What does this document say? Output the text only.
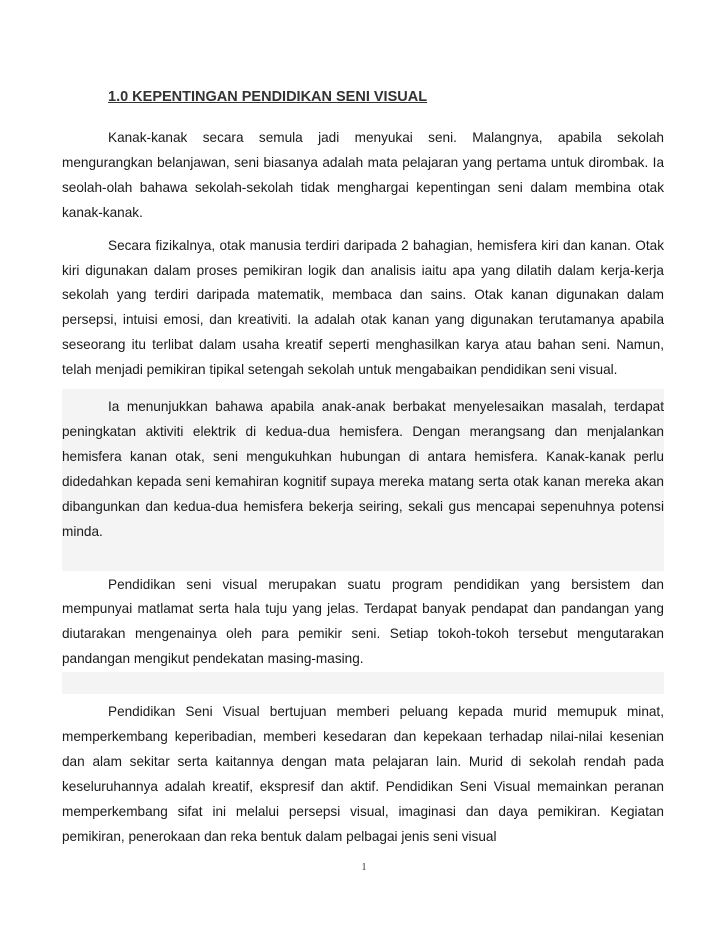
1.0 KEPENTINGAN PENDIDIKAN SENI VISUAL

Kanak-kanak secara semula jadi menyukai seni. Malangnya, apabila sekolah mengurangkan belanjawan, seni biasanya adalah mata pelajaran yang pertama untuk dirombak. Ia seolah-olah bahawa sekolah-sekolah tidak menghargai kepentingan seni dalam membina otak kanak-kanak.

Secara fizikalnya, otak manusia terdiri daripada 2 bahagian, hemisfera kiri dan kanan. Otak kiri digunakan dalam proses pemikiran logik dan analisis iaitu apa yang dilatih dalam kerja-kerja sekolah yang terdiri daripada matematik, membaca dan sains. Otak kanan digunakan dalam persepsi, intuisi emosi, dan kreativiti. Ia adalah otak kanan yang digunakan terutamanya apabila seseorang itu terlibat dalam usaha kreatif seperti menghasilkan karya atau bahan seni. Namun, telah menjadi pemikiran tipikal setengah sekolah untuk mengabaikan pendidikan seni visual.

Ia menunjukkan bahawa apabila anak-anak berbakat menyelesaikan masalah, terdapat peningkatan aktiviti elektrik di kedua-dua hemisfera. Dengan merangsang dan menjalankan hemisfera kanan otak, seni mengukuhkan hubungan di antara hemisfera. Kanak-kanak perlu didedahkan kepada seni kemahiran kognitif supaya mereka matang serta otak kanan mereka akan dibangunkan dan kedua-dua hemisfera bekerja seiring, sekali gus mencapai sepenuhnya potensi minda.

Pendidikan seni visual merupakan suatu program pendidikan yang bersistem dan mempunyai matlamat serta hala tuju yang jelas. Terdapat banyak pendapat dan pandangan yang diutarakan mengenainya oleh para pemikir seni. Setiap tokoh-tokoh tersebut mengutarakan pandangan mengikut pendekatan masing-masing.

Pendidikan Seni Visual bertujuan memberi peluang kepada murid memupuk minat, memperkembang keperibadian, memberi kesedaran dan kepekaan terhadap nilai-nilai kesenian dan alam sekitar serta kaitannya dengan mata pelajaran lain. Murid di sekolah rendah pada keseluruhannya adalah kreatif, ekspresif dan aktif. Pendidikan Seni Visual memainkan peranan memperkembang sifat ini melalui persepsi visual, imaginasi dan daya pemikiran. Kegiatan pemikiran, penerokaan dan reka bentuk dalam pelbagai jenis seni visual

1
